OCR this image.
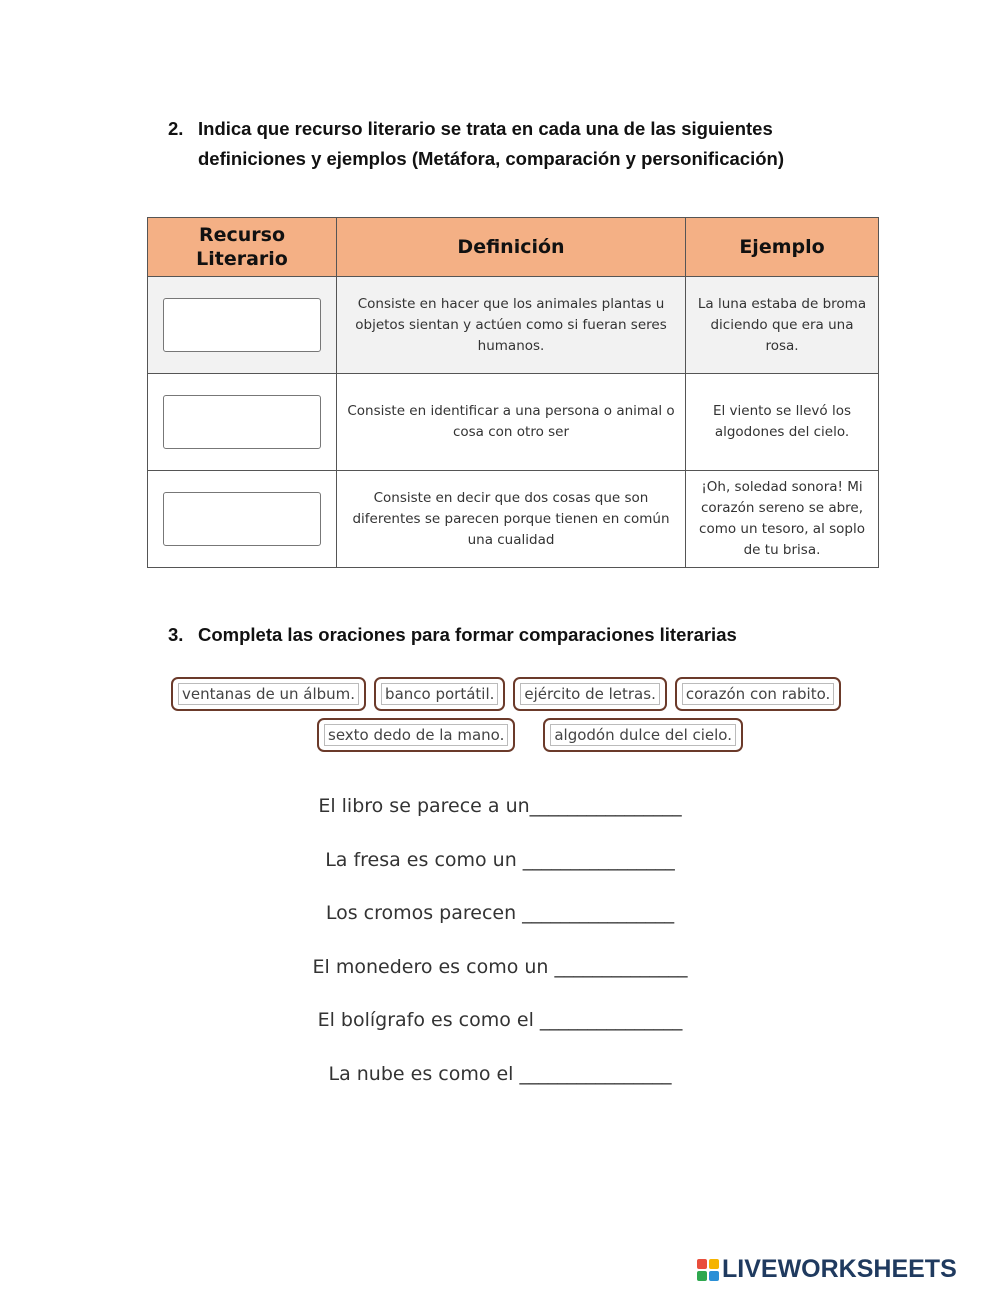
2. Indica que recurso literario se trata en cada una de las siguientes definiciones y ejemplos (Metáfora, comparación y personificación)
Recurso Literario	Definición	Ejemplo

	Consiste en hacer que los animales plantas u objetos sientan y actúen como si fueran seres humanos.	La luna estaba de broma diciendo que era una rosa.

	Consiste en identificar a una persona o animal o cosa con otro ser	El viento se llevó los algodones del cielo.

	Consiste en decir que dos cosas que son diferentes se parecen porque tienen en común una cualidad	¡Oh, soledad sonora! Mi corazón sereno se abre, como un tesoro, al soplo de tu brisa.
3. Completa las oraciones para formar comparaciones literarias
ventanas de un álbum. banco portátil. ejército de letras. corazón con rabito.
sexto dedo de la mano.	algodón dulce del cielo.
El libro se parece a un________________
La fresa es como un ________________
Los cromos parecen ________________
El monedero es como un ______________
El bolígrafo es como el _______________
La nube es como el ________________
LIVEWORKSHEETS
